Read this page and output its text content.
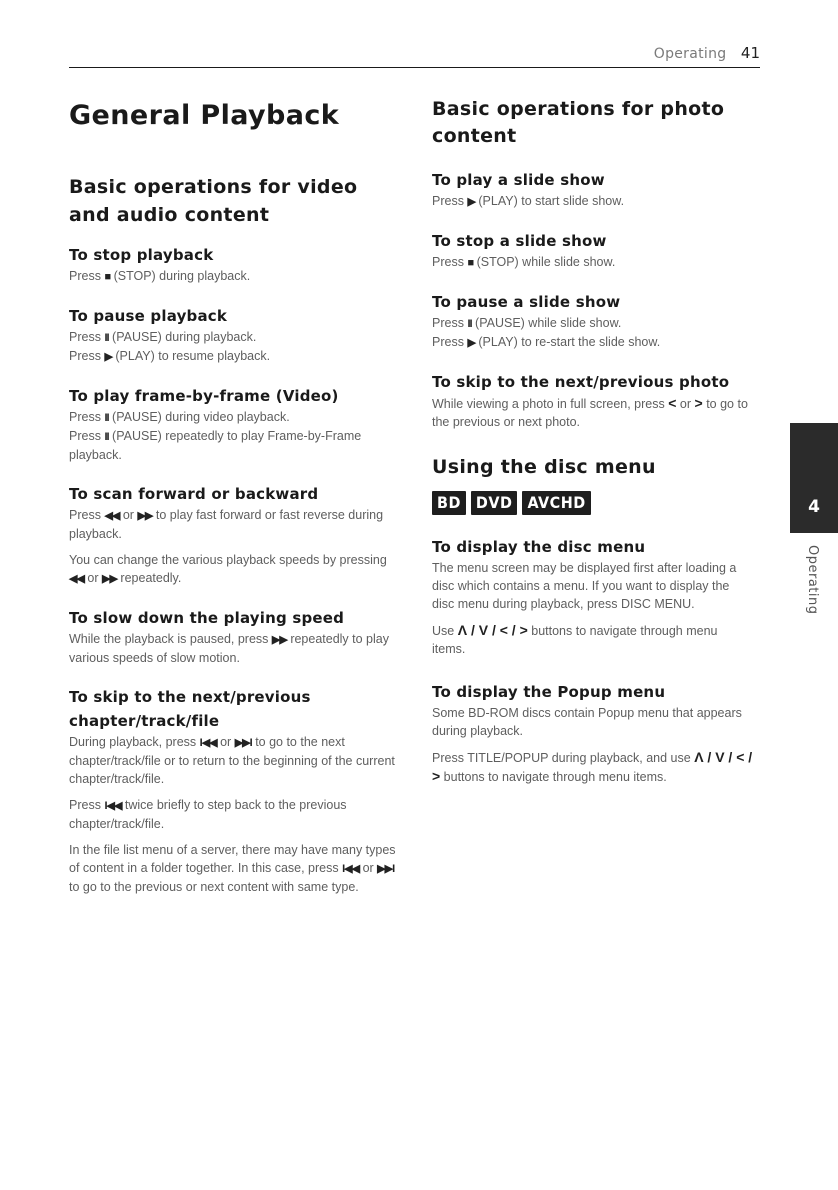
Operating 41
General Playback
Basic operations for video and audio content
To stop playback

Press ■ (STOP) during playback.

To pause playback

Press II (PAUSE) during playback.
Press ▶ (PLAY) to resume playback.

To play frame-by-frame (Video)

Press II (PAUSE) during video playback.
Press II (PAUSE) repeatedly to play Frame-by-Frame playback.

To scan forward or backward

Press ◀◀ or ▶▶ to play fast forward or fast reverse during playback.

You can change the various playback speeds by pressing ◀◀ or ▶▶ repeatedly.

To slow down the playing speed

While the playback is paused, press ▶▶ repeatedly to play various speeds of slow motion.

To skip to the next/previous chapter/track/file

During playback, press I◀◀ or ▶▶I to go to the next chapter/track/file or to return to the beginning of the current chapter/track/file.

Press I◀◀ twice briefly to step back to the previous chapter/track/file.

In the file list menu of a server, there may have many types of content in a folder together. In this case, press I◀◀ or ▶▶I to go to the previous or next content with same type.

Basic operations for photo content
To play a slide show

Press ▶ (PLAY) to start slide show.

To stop a slide show

Press ■ (STOP) while slide show.

To pause a slide show

Press II (PAUSE) while slide show.
Press ▶ (PLAY) to re-start the slide show.

To skip to the next/previous photo

While viewing a photo in full screen, press < or > to go to the previous or next photo.

Using the disc menu
BD DVD AVCHD
To display the disc menu

The menu screen may be displayed first after loading a disc which contains a menu. If you want to display the disc menu during playback, press DISC MENU.

Use Λ / V / < / > buttons to navigate through menu items.

To display the Popup menu

Some BD-ROM discs contain Popup menu that appears during playback.

Press TITLE/POPUP during playback, and use Λ / V / < / > buttons to navigate through menu items.

4
Operating
